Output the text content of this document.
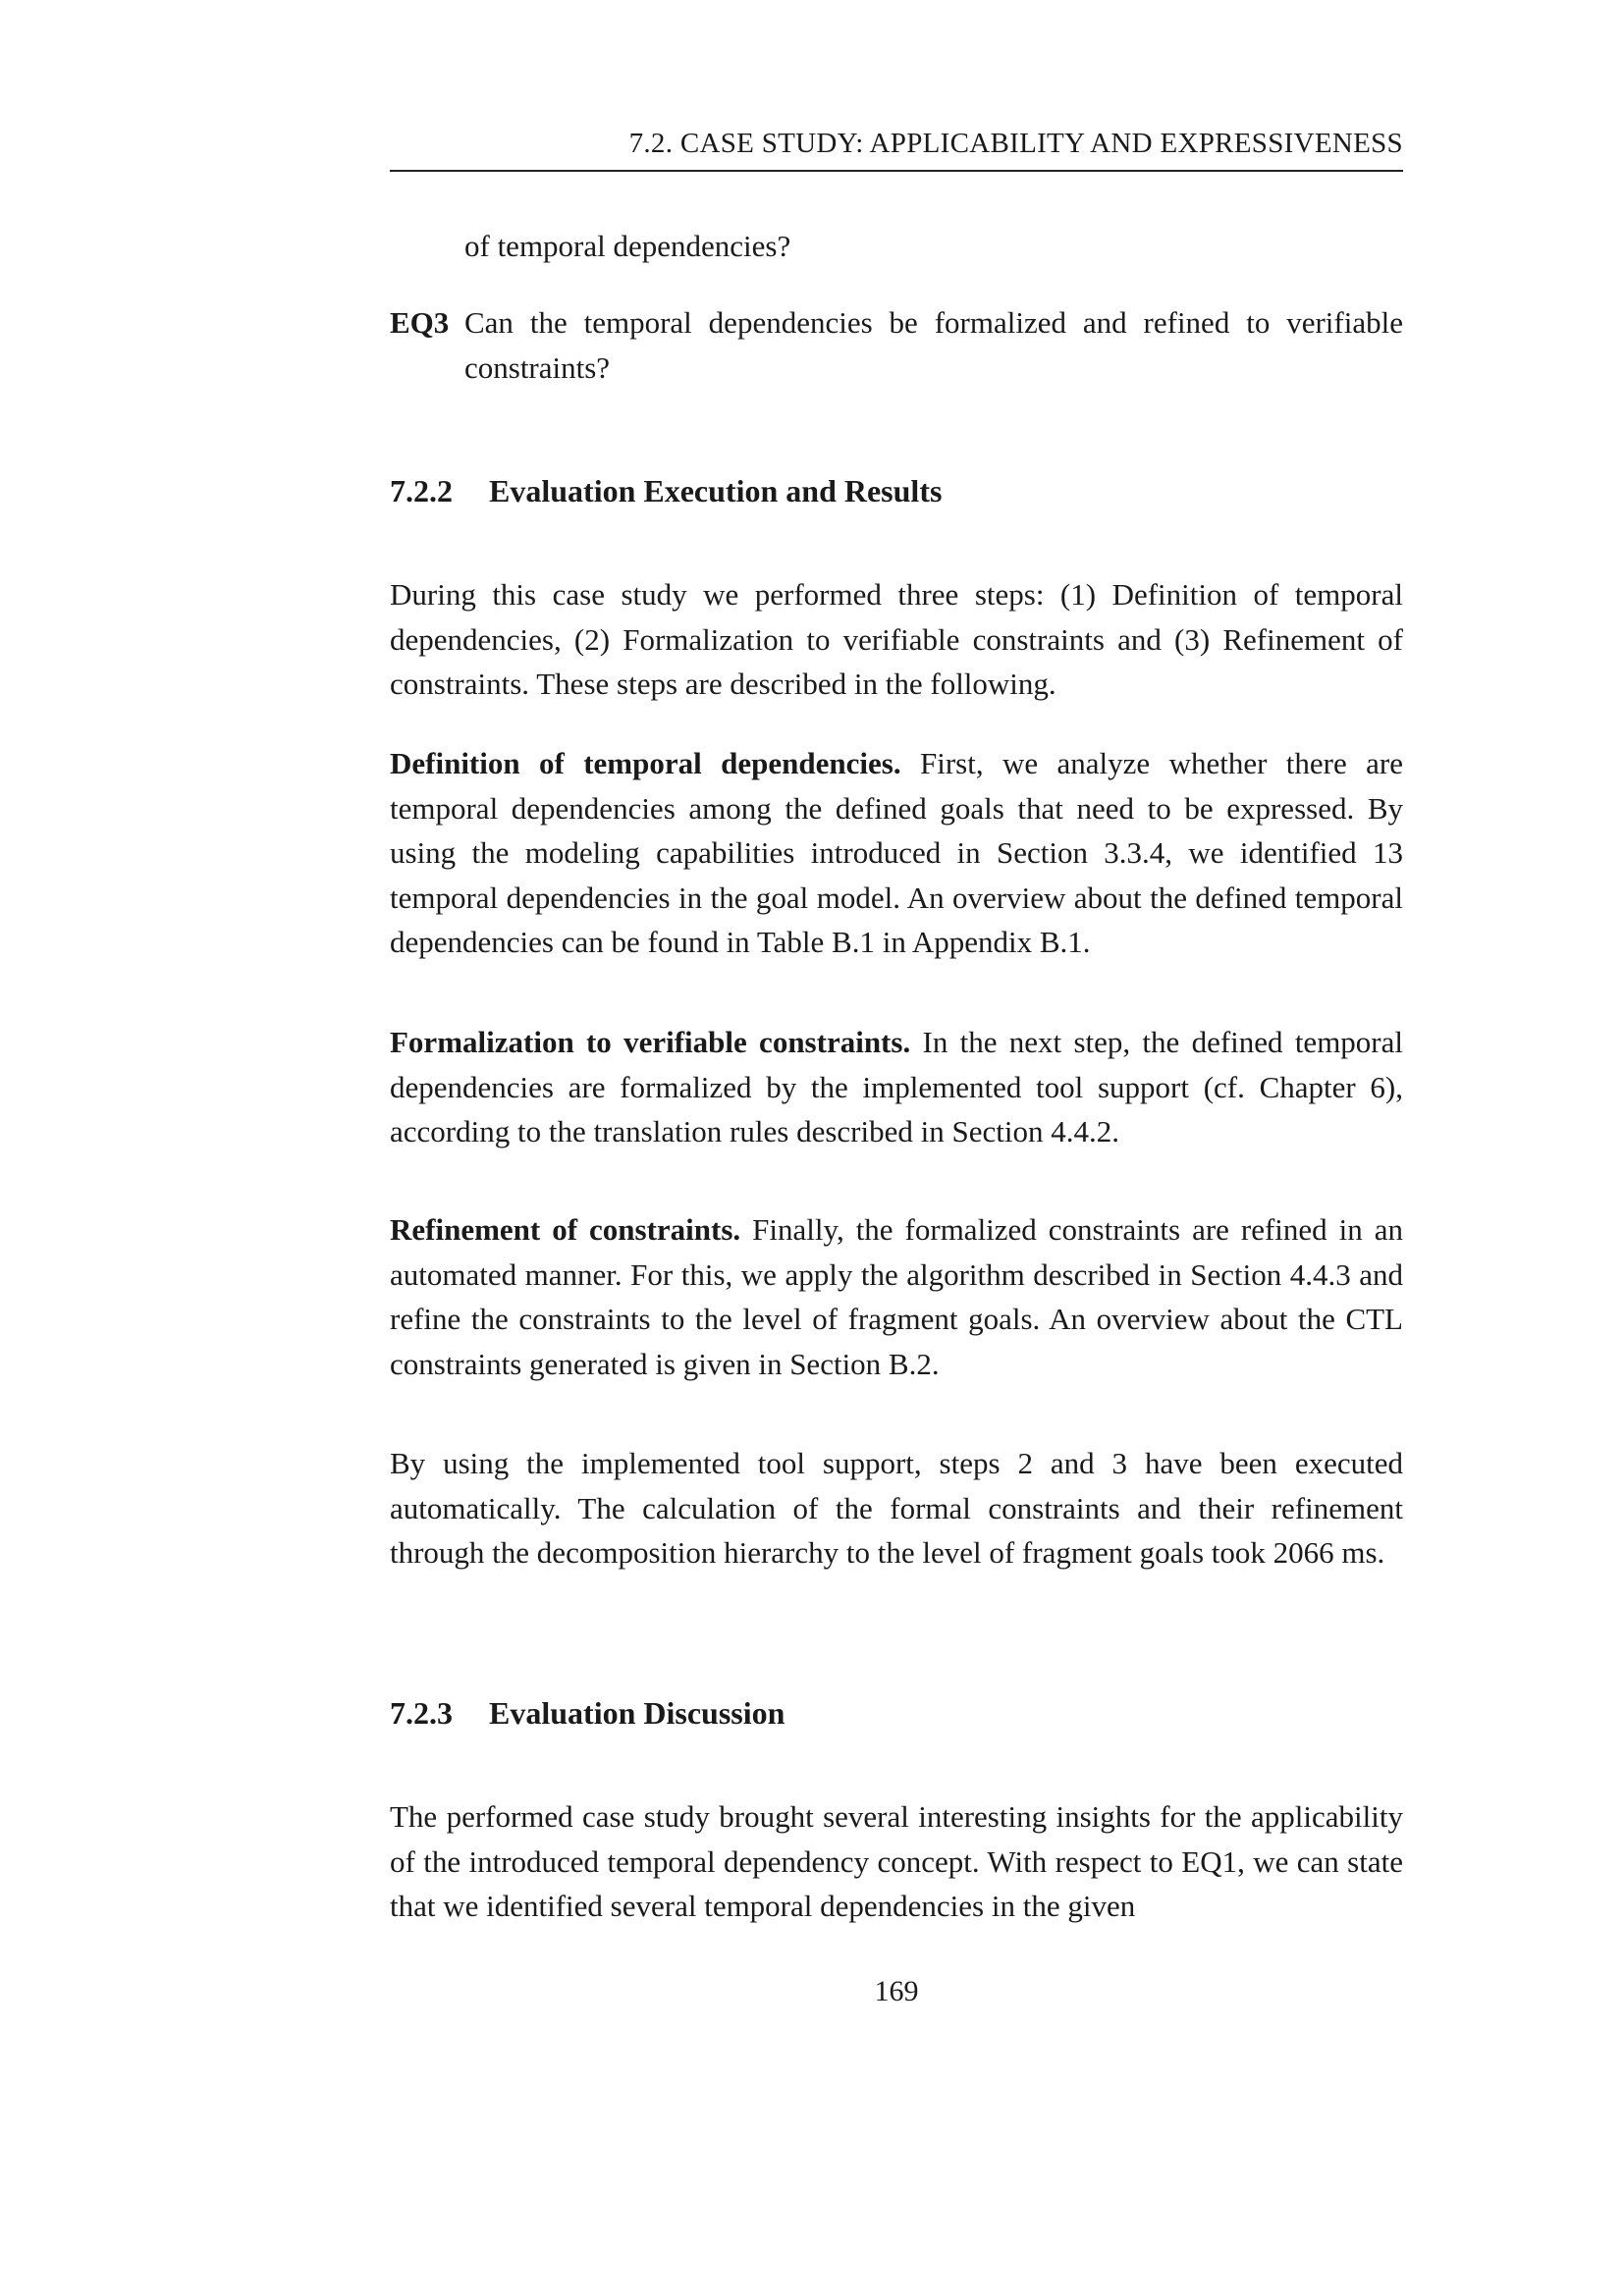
7.2. CASE STUDY: APPLICABILITY AND EXPRESSIVENESS

of temporal dependencies?

EQ3 Can the temporal dependencies be formalized and refined to verifiable constraints?
7.2.2	Evaluation Execution and Results

During this case study we performed three steps: (1) Definition of temporal dependencies, (2) Formalization to verifiable constraints and (3) Refinement of constraints. These steps are described in the following.

Definition of temporal dependencies. First, we analyze whether there are temporal dependencies among the defined goals that need to be expressed. By using the modeling capabilities introduced in Section 3.3.4, we identified 13 temporal dependencies in the goal model. An overview about the defined temporal dependencies can be found in Table B.1 in Appendix B.1.

Formalization to verifiable constraints. In the next step, the defined temporal dependencies are formalized by the implemented tool support (cf. Chapter 6), according to the translation rules described in Section 4.4.2.

Refinement of constraints. Finally, the formalized constraints are refined in an automated manner. For this, we apply the algorithm described in Section 4.4.3 and refine the constraints to the level of fragment goals. An overview about the CTL constraints generated is given in Section B.2.

By using the implemented tool support, steps 2 and 3 have been executed automatically. The calculation of the formal constraints and their refinement through the decomposition hierarchy to the level of fragment goals took 2066 ms.

7.2.3	Evaluation Discussion

The performed case study brought several interesting insights for the applicability of the introduced temporal dependency concept. With respect to EQ1, we can state that we identified several temporal dependencies in the given

169
